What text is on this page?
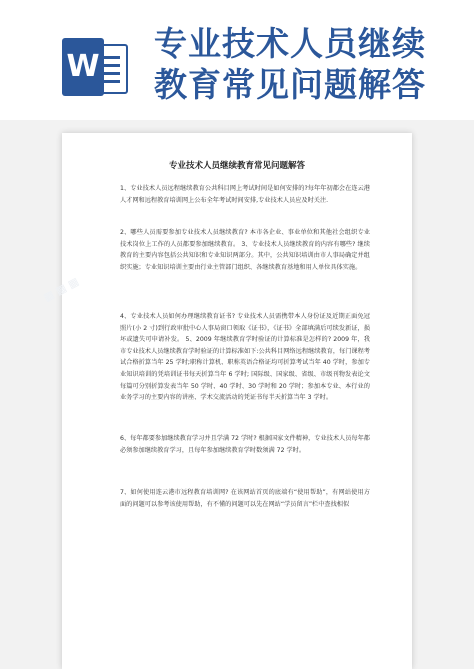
W
专业技术人员继续
教育常见问题解答
▦ ▦ ▦
专业技术人员继续教育常见问题解答
1、专业技术人员远程继续教育公共科目网上考试时间是如何安排的?每年年初都会在连云港人才网和远程教育培训网上公布全年考试时间安排,专业技术人员应及时关注.
2、哪些人员需要参加专业技术人员继续教育? 本市各企业、事业单位和其他社会组织专业技术岗位上工作的人员都要参加继续教育。 3、专业技术人员继续教育的内容有哪些? 继续教育的主要内容包括公共知识和专业知识两部分。其中，公共知识培训由市人事局确定并组织实施；专业知识培训主要由行业主管部门组织、各继续教育基地和用人单位具体实施。
4、专业技术人员如何办理继续教育证书? 专业技术人员需携带本人身份证及近期正面免冠照片(小 2 寸)到行政审批中心人事局窗口领取《证书》，《证书》全部填满后可续发新证，损坏或遗失可申请补发。 5、2009 年继续教育学时验证的计算标准是怎样的? 2009 年，我市专业技术人员继续教育学时验证的计算标准如下:公共科目网络远程继续教育，每门课程考试合格折算当年 25 学时;职称计算机、职称英语合格证均可折算考试当年 40 学时，参加专业知识培训的凭培训证书每天折算当年 6 学时; 国际级、国家级、省级、市级刊物发表论文每篇可分别折算发表当年 50 学时、40 学时、30 学时和 20 学时；参加本专业、本行业的业务学习的主要内容的讲座、学术交流活动的凭证书每半天折算当年 3 学时。
6、每年都要参加继续教育学习并且学满 72 学时? 根据国家文件精神，专业技术人员每年都必须参加继续教育学习，且每年参加继续教育学时数须满 72 学时。
7、如何使用连云港市远程教育培训网? 在该网站首页的底端有“使用帮助”，有网站使用方面的问题可以参考该使用帮助，有不懂的问题可以先在网站“学员留言”栏中查找相似
